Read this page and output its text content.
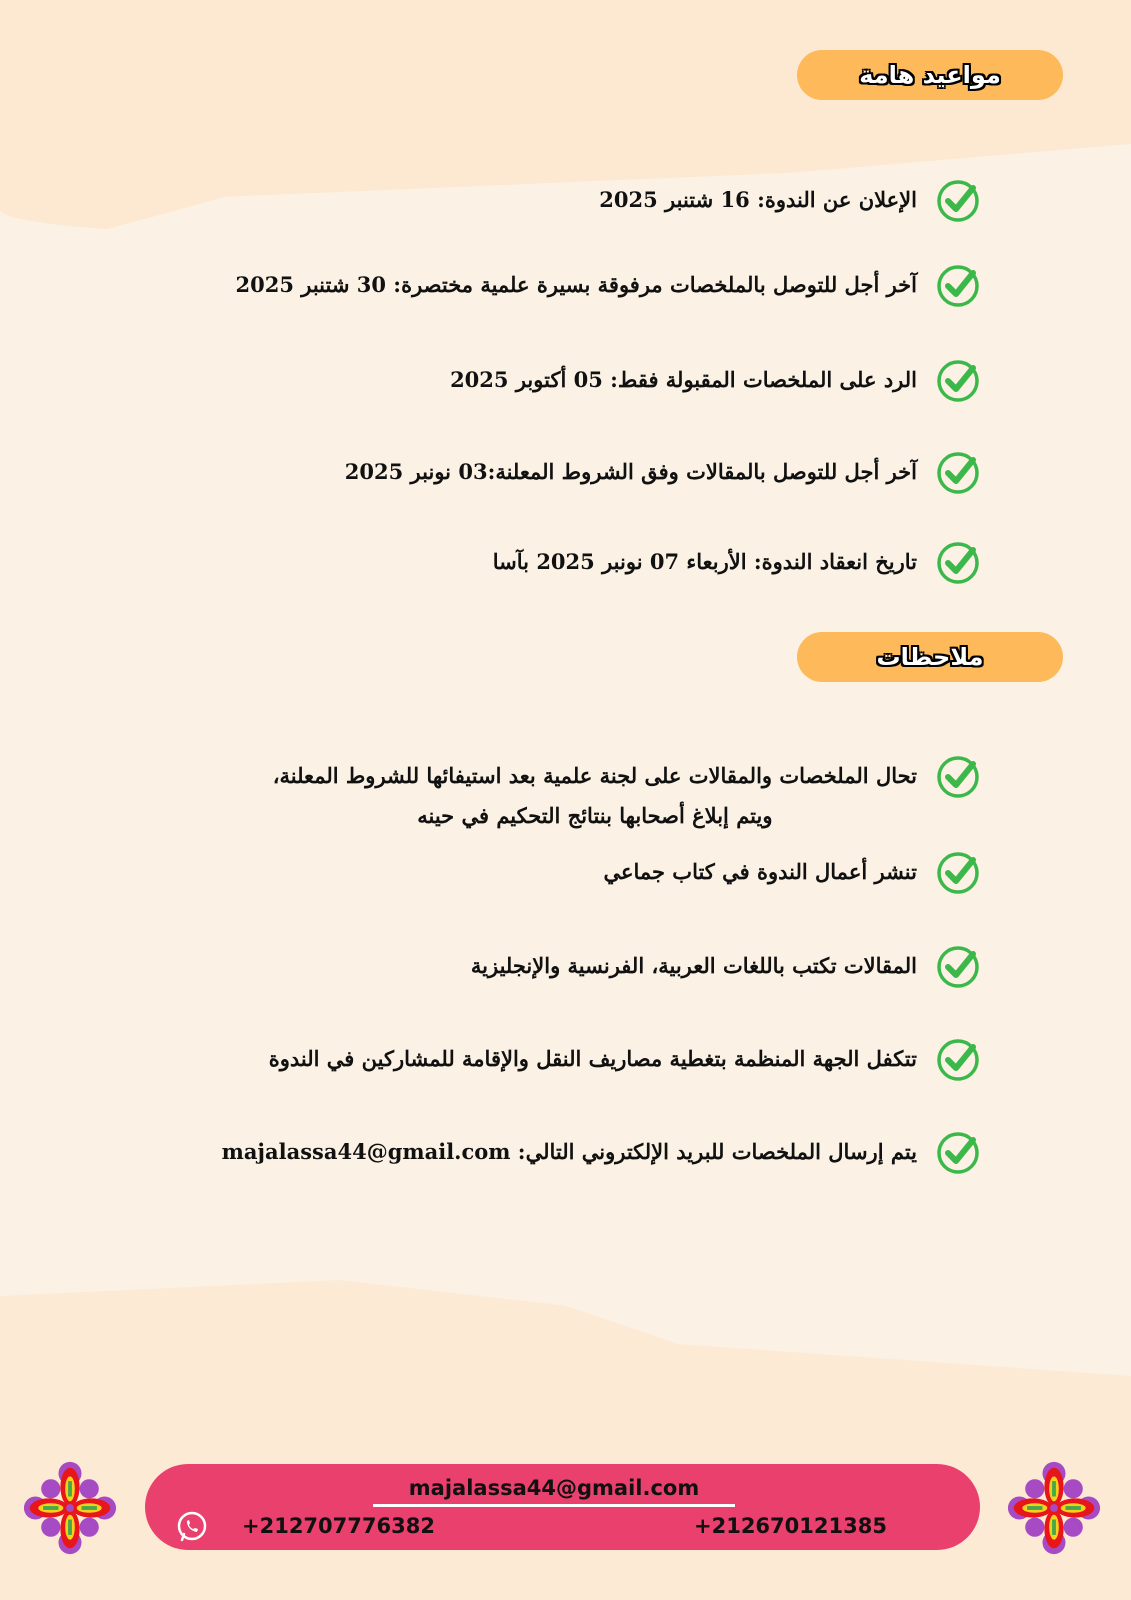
مواعيد هامة
الإعلان عن الندوة: 16 شتنبر 2025
آخر أجل للتوصل بالملخصات مرفوقة بسيرة علمية مختصرة: 30 شتنبر 2025
الرد على الملخصات المقبولة فقط: 05 أكتوبر 2025
آخر أجل للتوصل بالمقالات وفق الشروط المعلنة:03 نونبر 2025
تاريخ انعقاد الندوة: الأربعاء 07 نونبر 2025 بآسا
ملاحظات
تحال الملخصات والمقالات على لجنة علمية بعد استيفائها للشروط المعلنة،
ويتم إبلاغ أصحابها بنتائج التحكيم في حينه
تنشر أعمال الندوة في كتاب جماعي
المقالات تكتب باللغات العربية، الفرنسية والإنجليزية
تتكفل الجهة المنظمة بتغطية مصاريف النقل والإقامة للمشاركين في الندوة
يتم إرسال الملخصات للبريد الإلكتروني التالي: majalassa44@gmail.com
majalassa44@gmail.com
+212707776382	+212670121385
